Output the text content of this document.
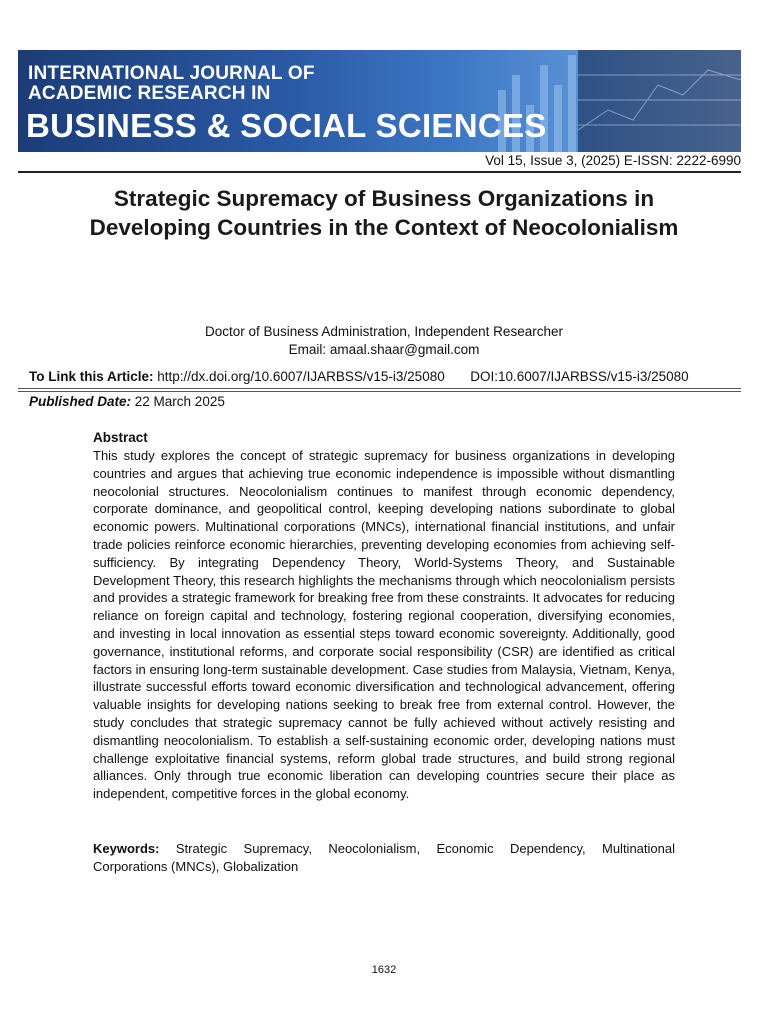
INTERNATIONAL JOURNAL OF
ACADEMIC RESEARCH IN
BUSINESS & SOCIAL SCIENCES
Vol 15, Issue 3, (2025) E-ISSN: 2222-6990
Strategic Supremacy of Business Organizations in Developing Countries in the Context of Neocolonialism
Doctor of Business Administration, Independent Researcher
Email: amaal.shaar@gmail.com
To Link this Article: http://dx.doi.org/10.6007/IJARBSS/v15-i3/25080 DOI:10.6007/IJARBSS/v15-i3/25080
Published Date: 22 March 2025
Abstract
This study explores the concept of strategic supremacy for business organizations in developing countries and argues that achieving true economic independence is impossible without dismantling neocolonial structures. Neocolonialism continues to manifest through economic dependency, corporate dominance, and geopolitical control, keeping developing nations subordinate to global economic powers. Multinational corporations (MNCs), international financial institutions, and unfair trade policies reinforce economic hierarchies, preventing developing economies from achieving self-sufficiency. By integrating Dependency Theory, World-Systems Theory, and Sustainable Development Theory, this research highlights the mechanisms through which neocolonialism persists and provides a strategic framework for breaking free from these constraints. It advocates for reducing reliance on foreign capital and technology, fostering regional cooperation, diversifying economies, and investing in local innovation as essential steps toward economic sovereignty. Additionally, good governance, institutional reforms, and corporate social responsibility (CSR) are identified as critical factors in ensuring long-term sustainable development. Case studies from Malaysia, Vietnam, Kenya, illustrate successful efforts toward economic diversification and technological advancement, offering valuable insights for developing nations seeking to break free from external control. However, the study concludes that strategic supremacy cannot be fully achieved without actively resisting and dismantling neocolonialism. To establish a self-sustaining economic order, developing nations must challenge exploitative financial systems, reform global trade structures, and build strong regional alliances. Only through true economic liberation can developing countries secure their place as independent, competitive forces in the global economy.
Keywords: Strategic Supremacy, Neocolonialism, Economic Dependency, Multinational Corporations (MNCs), Globalization
1632
